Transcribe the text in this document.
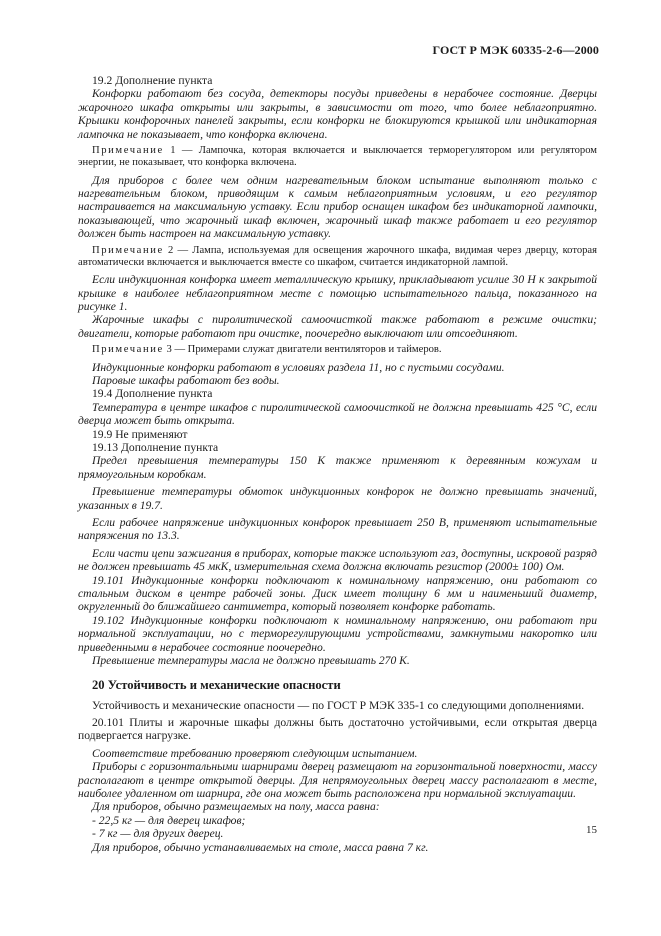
ГОСТ Р МЭК 60335-2-6—2000

19.2 Дополнение пункта

Конфорки работают без сосуда, детекторы посуды приведены в нерабочее состояние. Дверцы жарочного шкафа открыты или закрыты, в зависимости от того, что более неблагоприятно. Крышки конфорочных панелей закрыты, если конфорки не блокируются крышкой или индикаторная лампочка не показывает, что конфорка включена.

Примечание 1 — Лампочка, которая включается и выключается терморегулятором или регулятором энергии, не показывает, что конфорка включена.

Для приборов с более чем одним нагревательным блоком испытание выполняют только с нагревательным блоком, приводящим к самым неблагоприятным условиям, и его регулятор настраивается на максимальную уставку. Если прибор оснащен шкафом без индикаторной лампочки, показывающей, что жарочный шкаф включен, жарочный шкаф также работает и его регулятор должен быть настроен на максимальную уставку.

Примечание 2 — Лампа, используемая для освещения жарочного шкафа, видимая через дверцу, которая автоматически включается и выключается вместе со шкафом, считается индикаторной лампой.

Если индукционная конфорка имеет металлическую крышку, прикладывают усилие 30 Н к закрытой крышке в наиболее неблагоприятном месте с помощью испытательного пальца, показанного на рисунке 1.

Жарочные шкафы с пиролитической самоочисткой также работают в режиме очистки; двигатели, которые работают при очистке, поочередно выключают или отсоединяют.

Примечание 3 — Примерами служат двигатели вентиляторов и таймеров.

Индукционные конфорки работают в условиях раздела 11, но с пустыми сосудами.

Паровые шкафы работают без воды.

19.4 Дополнение пункта

Температура в центре шкафов с пиролитической самоочисткой не должна превышать 425 °С, если дверца может быть открыта.

19.9 Не применяют

19.13 Дополнение пункта

Предел превышения температуры 150 К также применяют к деревянным кожухам и прямоугольным коробкам.

Превышение температуры обмоток индукционных конфорок не должно превышать значений, указанных в 19.7.

Если рабочее напряжение индукционных конфорок превышает 250 В, применяют испытательные напряжения по 13.3.

Если части цепи зажигания в приборах, которые также используют газ, доступны, искровой разряд не должен превышать 45 мкК, измерительная схема должна включать резистор (2000± 100) Ом.

19.101 Индукционные конфорки подключают к номинальному напряжению, они работают со стальным диском в центре рабочей зоны. Диск имеет толщину 6 мм и наименьший диаметр, округленный до ближайшего сантиметра, который позволяет конфорке работать.

19.102 Индукционные конфорки подключают к номинальному напряжению, они работают при нормальной эксплуатации, но с терморегулирующими устройствами, замкнутыми накоротко или приведенными в нерабочее состояние поочередно.

Превышение температуры масла не должно превышать 270 К.

20 Устойчивость и механические опасности

Устойчивость и механические опасности — по ГОСТ Р МЭК 335-1 со следующими дополнениями.

20.101 Плиты и жарочные шкафы должны быть достаточно устойчивыми, если открытая дверца подвергается нагрузке.

Соответствие требованию проверяют следующим испытанием.

Приборы с горизонтальными шарнирами дверец размещают на горизонтальной поверхности, массу располагают в центре открытой дверцы. Для непрямоугольных дверец массу располагают в месте, наиболее удаленном от шарнира, где она может быть расположена при нормальной эксплуатации.

Для приборов, обычно размещаемых на полу, масса равна:

- 22,5 кг — для дверец шкафов;

- 7 кг — для других дверец.

Для приборов, обычно устанавливаемых на столе, масса равна 7 кг.

15
